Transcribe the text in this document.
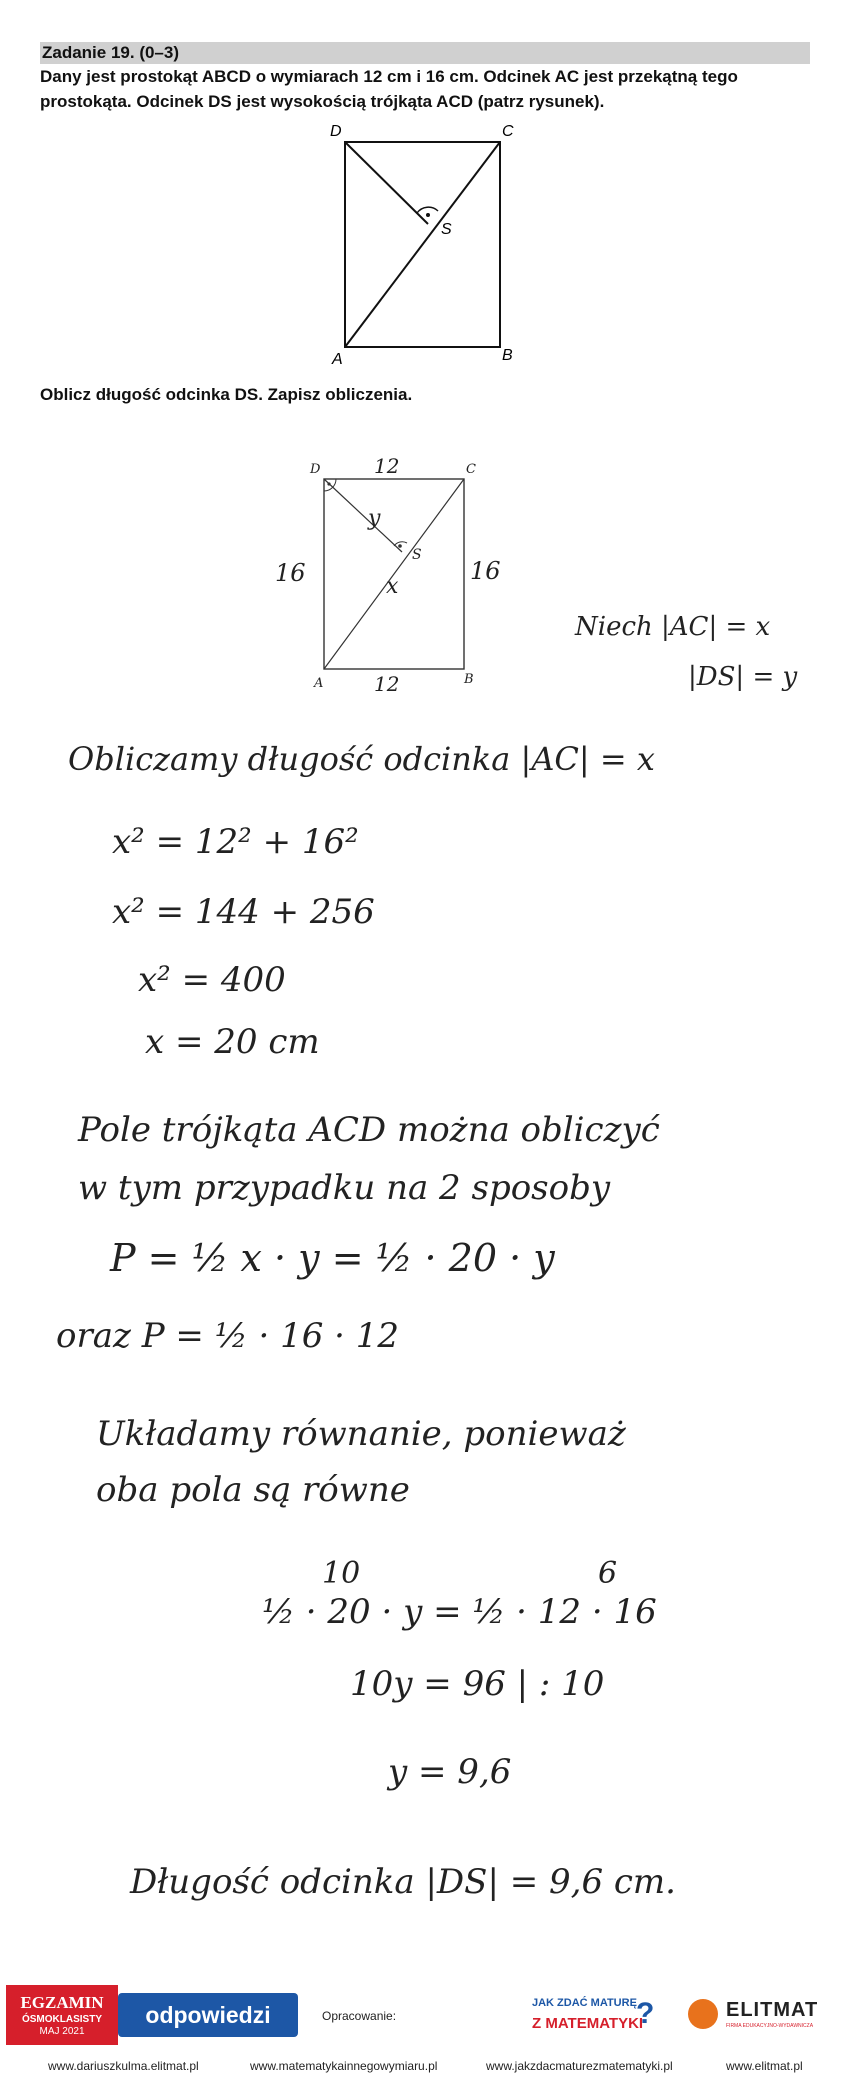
Zadanie 19. (0–3)
Dany jest prostokąt ABCD o wymiarach 12 cm i 16 cm. Odcinek AC jest przekątną tego
prostokąta. Odcinek DS jest wysokością trójkąta ACD (patrz rysunek).
D	C
A	B
S
Oblicz długość odcinka DS. Zapisz obliczenia.
D	C
A	B
S
12
12
16	16
y
x
Niech |AC| = x
|DS| = y
Obliczamy długość odcinka |AC| = x
x² = 12² + 16²
x² = 144 + 256
x² = 400
x = 20 cm
Pole trójkąta ACD można obliczyć
w tym przypadku na 2 sposoby
P = ½ x · y = ½ · 20 · y
oraz P = ½ · 16 · 12
Układamy równanie, ponieważ
oba pola są równe
10	6
½ · 20 · y = ½ · 12 · 16
10y = 96 | : 10
y = 9,6
Długość odcinka |DS| = 9,6 cm.
EGZAMIN
ÓSMOKLASISTY
MAJ 2021
odpowiedzi	Opracowanie:
JAK ZDAĆ MATURĘ
Z MATEMATYKI
?	ELITMAT
FIRMA EDUKACYJNO-WYDAWNICZA
www.dariuszkulma.elitmat.pl	www.matematykainnegowymiaru.pl	www.jakzdacmaturezmatematyki.pl	www.elitmat.pl
